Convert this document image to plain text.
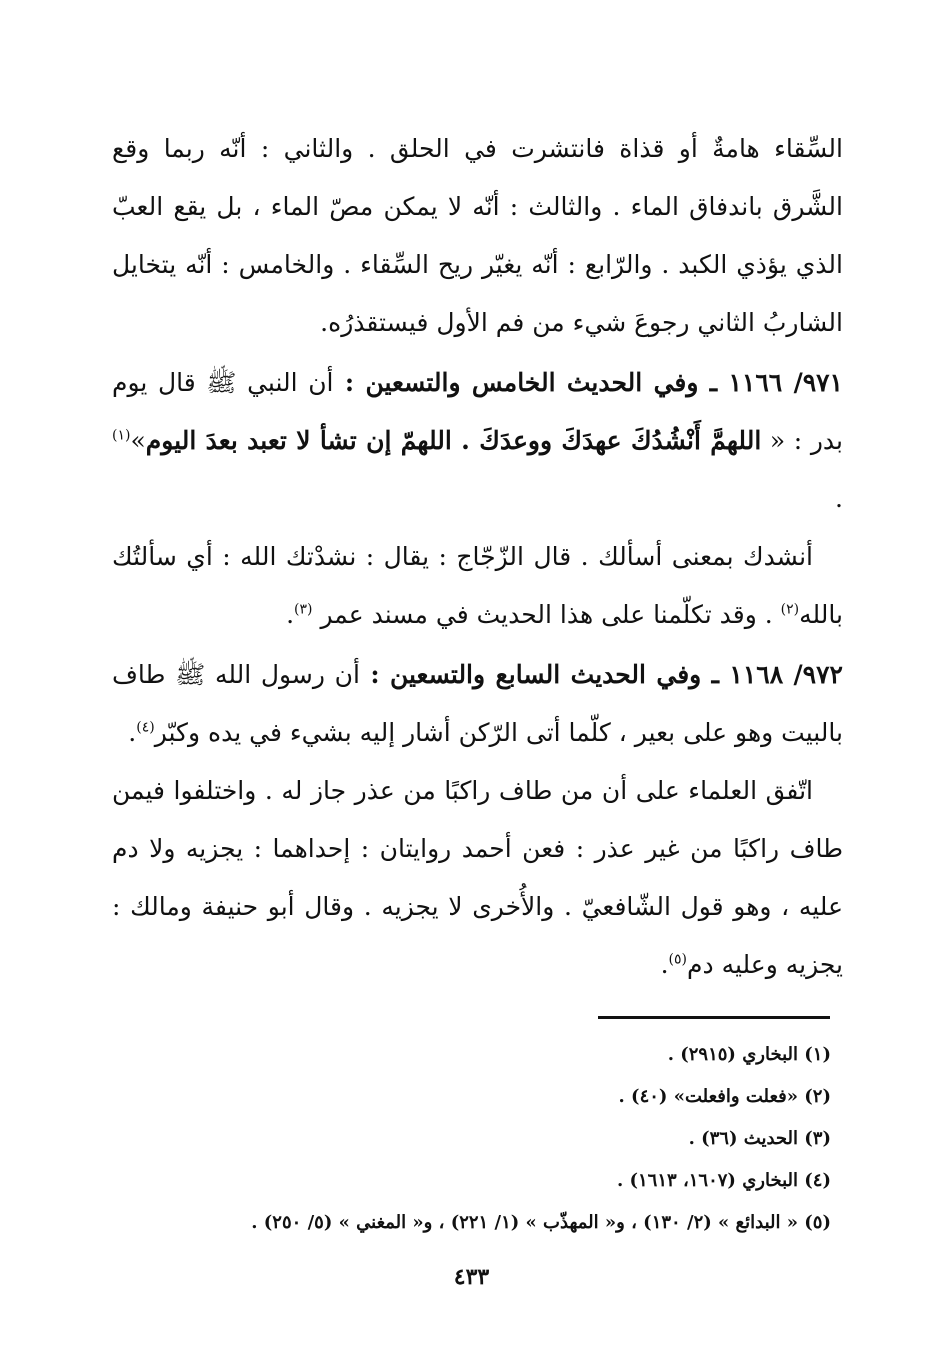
السِّقاء هامةٌ أو قذاة فانتشرت في الحلق . والثاني : أنّه ربما وقع الشَّرق باندفاق الماء . والثالث : أنّه لا يمكن مصّ الماء ، بل يقع العبّ الذي يؤذي الكبد . والرّابع : أنّه يغيّر ريح السِّقاء . والخامس : أنّه يتخايل الشاربُ الثاني رجوعَ شيء من فم الأول فيستقذرُه.

٩٧١/ ١١٦٦ ـ وفي الحديث الخامس والتسعين : أن النبي ﷺ قال يوم بدر : « اللهمَّ أَنْشُدُكَ عهدَكَ ووعدَكَ . اللهمّ إن تشأ لا تعبد بعدَ اليوم»$^{(١)}$ .

أنشدك بمعنى أسألك . قال الزّجّاج : يقال : نشدْتك الله : أي سألتُك بالله$^{(٢)}$ . وقد تكلّمنا على هذا الحديث في مسند عمر $^{(٣)}$.

٩٧٢/ ١١٦٨ ـ وفي الحديث السابع والتسعين : أن رسول الله ﷺ طاف بالبيت وهو على بعير ، كلّما أتى الرّكن أشار إليه بشيء في يده وكبّر$^{(٤)}$.

اتّفق العلماء على أن من طاف راكبًا من عذر جاز له . واختلفوا فيمن طاف راكبًا من غير عذر : فعن أحمد روايتان : إحداهما : يجزيه ولا دم عليه ، وهو قول الشّافعيّ . والأُخرى لا يجزيه . وقال أبو حنيفة ومالك : يجزيه وعليه دم$^{(٥)}$.

(١) البخاري (٢٩١٥) .

(٢) «فعلت وافعلت» (٤٠) .

(٣) الحديث (٣٦) .

(٤) البخاري (١٦٠٧، ١٦١٣) .

(٥) « البدائع » (٢/ ١٣٠) ، و« المهذّب » (١/ ٢٢١) ، و« المغني » (٥/ ٢٥٠) .

٤٣٣
